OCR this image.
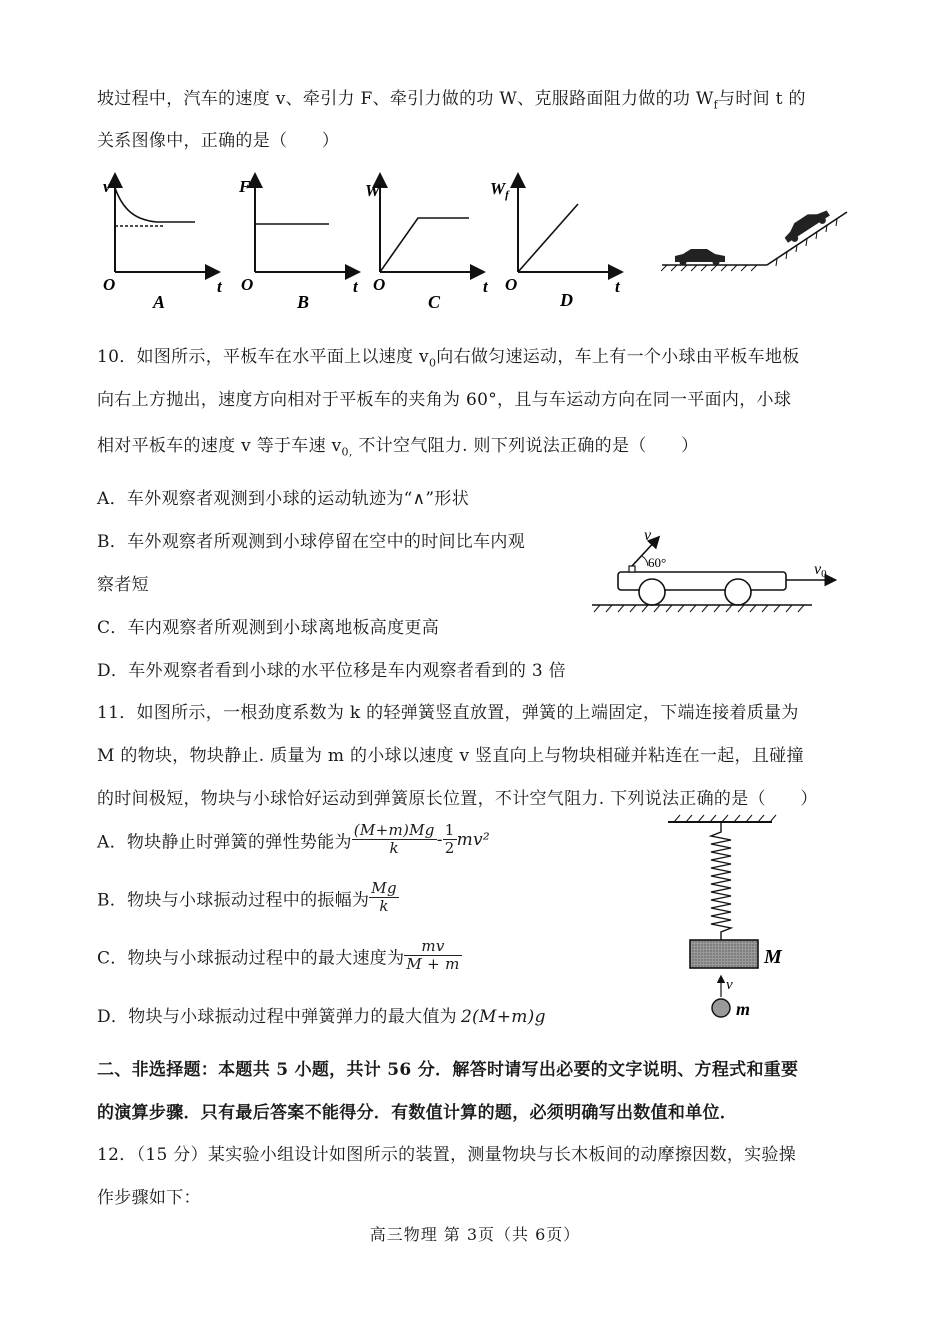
坡过程中，汽车的速度 v、牵引力 F、牵引力做的功 W、克服路面阻力做的功 $W_f$与时间 t 的
关系图像中，正确的是（　　）
v
O	t
A
F
O	t
B
W
O	t
C
$W_f$
O	t
D
10．如图所示，平板车在水平面上以速度 $v_0$向右做匀速运动，车上有一个小球由平板车地板
向右上方抛出，速度方向相对于平板车的夹角为 60°，且与车运动方向在同一平面内，小球
相对平板车的速度 v 等于车速 $v_{0,}$ 不计空气阻力. 则下列说法正确的是（　　）
A．车外观察者观测到小球的运动轨迹为“∧”形状
B．车外观察者所观测到小球停留在空中的时间比车内观
察者短
C．车内观察者所观测到小球离地板高度更高
D．车外观察者看到小球的水平位移是车内观察者看到的 3 倍
v
60°	v0
11．如图所示，一根劲度系数为 k 的轻弹簧竖直放置，弹簧的上端固定，下端连接着质量为
M 的物块，物块静止. 质量为 m 的小球以速度 v 竖直向上与物块相碰并粘连在一起，且碰撞
的时间极短，物块与小球恰好运动到弹簧原长位置，不计空气阻力. 下列说法正确的是（　　）
A．物块静止时弹簧的弹性势能为 $\frac{(M+m)Mg}{k} - \frac{1}{2} mv^2$
B．物块与小球振动过程中的振幅为 $\frac{Mg}{k}$
C．物块与小球振动过程中的最大速度为 $\frac{mv}{M + m}$
D．物块与小球振动过程中弹簧弹力的最大值为 2(M+m)g
M
v
m
二、非选择题：本题共 5 小题，共计 56 分．解答时请写出必要的文字说明、方程式和重要
的演算步骤．只有最后答案不能得分．有数值计算的题，必须明确写出数值和单位．
12．（15 分）某实验小组设计如图所示的装置，测量物块与长木板间的动摩擦因数，实验操
作步骤如下：
高三物理 第 3页（共 6页）
